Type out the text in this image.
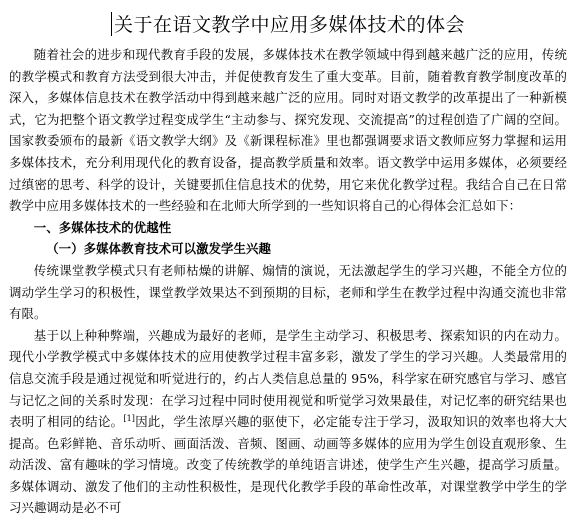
关于在语文教学中应用多媒体技术的体会

随着社会的进步和现代教育手段的发展，多媒体技术在教学领域中得到越来越广泛的应用，传统的教学模式和教育方法受到很大冲击，并促使教育发生了重大变革。目前，随着教育教学制度改革的深入，多媒体信息技术在教学活动中得到越来越广泛的应用。同时对语文教学的改革提出了一种新模式，它为把整个语文教学过程变成学生“主动参与、探究发现、交流提高”的过程创造了广阔的空间。国家教委颁布的最新《语文教学大纲》及《新课程标准》里也都强调要求语文教师应努力掌握和运用多媒体技术，充分利用现代化的教育设备，提高教学质量和效率。语文教学中运用多媒体，必须要经过缜密的思考、科学的设计，关键要抓住信息技术的优势，用它来优化教学过程。我结合自己在日常教学中应用多媒体技术的一些经验和在北师大所学到的一些知识将自己的心得体会汇总如下：

一、多媒体技术的优越性
（一）多媒体教育技术可以激发学生兴趣

传统课堂教学模式只有老师枯燥的讲解、煽情的演说，无法激起学生的学习兴趣，不能全方位的调动学生学习的积极性，课堂教学效果达不到预期的目标，老师和学生在教学过程中沟通交流也非常有限。

基于以上种种弊端，兴趣成为最好的老师，是学生主动学习、积极思考、探索知识的内在动力。现代小学教学模式中多媒体技术的应用使教学过程丰富多彩，激发了学生的学习兴趣。人类最常用的信息交流手段是通过视觉和听觉进行的，约占人类信息总量的 95%，科学家在研究感官与学习、感官与记忆之间的关系时发现：在学习过程中同时使用视觉和听觉学习效果最佳，对记忆率的研究结果也表明了相同的结论。[1]因此，学生浓厚兴趣的驱使下，必定能专注于学习，汲取知识的效率也将大大提高。色彩鲜艳、音乐动听、画面活泼、音频、图画、动画等多媒体的应用为学生创设直观形象、生动活泼、富有趣味的学习情境。改变了传统教学的单纯语言讲述，使学生产生兴趣，提高学习质量。多媒体调动、激发了他们的主动性积极性，是现代化教学手段的革命性改革，对课堂教学中学生的学习兴趣调动是必不可
